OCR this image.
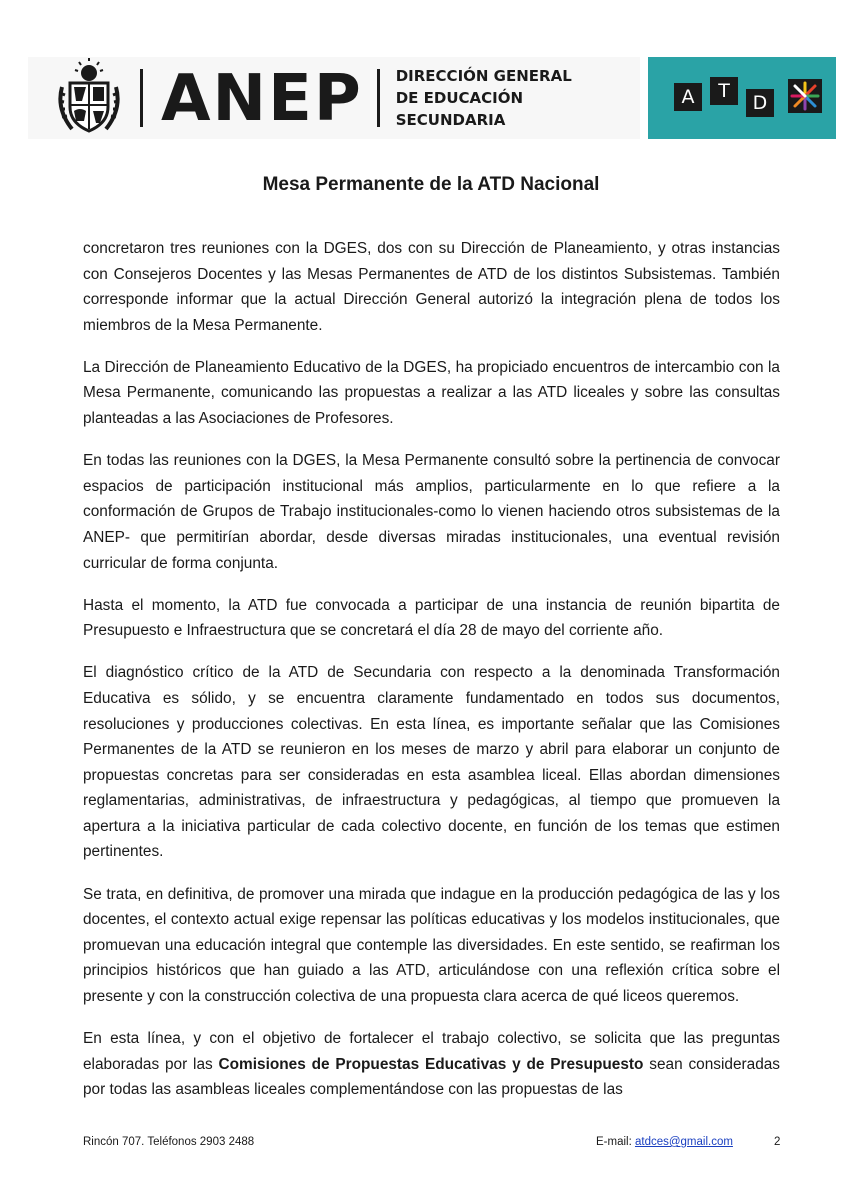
ANEP DIRECCIÓN GENERAL
DE EDUCACIÓN
SECUNDARIA
A	T
D
Mesa Permanente de la ATD Nacional

concretaron tres reuniones con la DGES, dos con su Dirección de Planeamiento, y otras instancias con Consejeros Docentes y las Mesas Permanentes de ATD de los distintos Subsistemas. También corresponde informar que la actual Dirección General autorizó la integración plena de todos los miembros de la Mesa Permanente.

La Dirección de Planeamiento Educativo de la DGES, ha propiciado encuentros de intercambio con la Mesa Permanente, comunicando las propuestas a realizar a las ATD liceales y sobre las consultas planteadas a las Asociaciones de Profesores.

En todas las reuniones con la DGES, la Mesa Permanente consultó sobre la pertinencia de convocar espacios de participación institucional más amplios, particularmente en lo que refiere a la conformación de Grupos de Trabajo institucionales-como lo vienen haciendo otros subsistemas de la ANEP- que permitirían abordar, desde diversas miradas institucionales, una eventual revisión curricular de forma conjunta.

Hasta el momento, la ATD fue convocada a participar de una instancia de reunión bipartita de Presupuesto e Infraestructura que se concretará el día 28 de mayo del corriente año.

El diagnóstico crítico de la ATD de Secundaria con respecto a la denominada Transformación Educativa es sólido, y se encuentra claramente fundamentado en todos sus documentos, resoluciones y producciones colectivas. En esta línea, es importante señalar que las Comisiones Permanentes de la ATD se reunieron en los meses de marzo y abril para elaborar un conjunto de propuestas concretas para ser consideradas en esta asamblea liceal. Ellas abordan dimensiones reglamentarias, administrativas, de infraestructura y pedagógicas, al tiempo que promueven la apertura a la iniciativa particular de cada colectivo docente, en función de los temas que estimen pertinentes.

Se trata, en definitiva, de promover una mirada que indague en la producción pedagógica de las y los docentes, el contexto actual exige repensar las políticas educativas y los modelos institucionales, que promuevan una educación integral que contemple las diversidades. En este sentido, se reafirman los principios históricos que han guiado a las ATD, articulándose con una reflexión crítica sobre el presente y con la construcción colectiva de una propuesta clara acerca de qué liceos queremos.

En esta línea, y con el objetivo de fortalecer el trabajo colectivo, se solicita que las preguntas elaboradas por las Comisiones de Propuestas Educativas y de Presupuesto sean consideradas por todas las asambleas liceales complementándose con las propuestas de las

Rincón 707. Teléfonos 2903 2488	E-mail: atdces@gmail.com	2
